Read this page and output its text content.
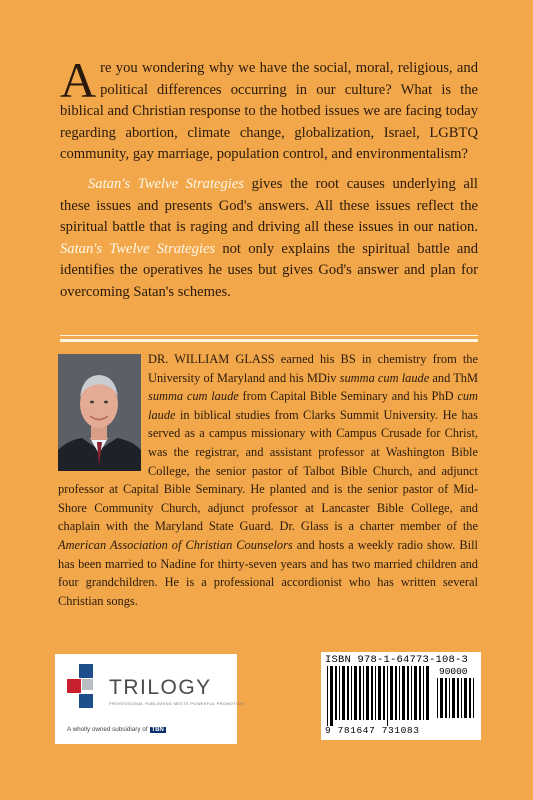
Are you wondering why we have the social, moral, religious, and political differences occurring in our culture? What is the biblical and Christian response to the hotbed issues we are facing today regarding abortion, climate change, globalization, Israel, LGBTQ community, gay marriage, population control, and environmentalism?

Satan's Twelve Strategies gives the root causes underlying all these issues and presents God's answers. All these issues reflect the spiritual battle that is raging and driving all these issues in our nation. Satan's Twelve Strategies not only explains the spiritual battle and identifies the operatives he uses but gives God's answer and plan for overcoming Satan's schemes.

DR. WILLIAM GLASS earned his BS in chemistry from the University of Maryland and his MDiv summa cum laude and ThM summa cum laude from Capital Bible Seminary and his PhD cum laude in biblical studies from Clarks Summit University. He has served as a campus missionary with Campus Crusade for Christ, was the registrar, and assistant professor at Washington Bible College, the senior pastor of Talbot Bible Church, and adjunct professor at Capital Bible Seminary. He planted and is the senior pastor of Mid-Shore Community Church, adjunct professor at Lancaster Bible College, and chaplain with the Maryland State Guard. Dr. Glass is a charter member of the American Association of Christian Counselors and hosts a weekly radio show. Bill has been married to Nadine for thirty-seven years and has two married children and four grandchildren. He is a professional accordionist who has written several Christian songs.
TRILOGY
PROFESSIONAL PUBLISHING MEETS POWERFUL PROMOTION
A wholly owned subsidiary of TBN
ISBN 978-1-64773-108-3
90000
9 781647 731083
